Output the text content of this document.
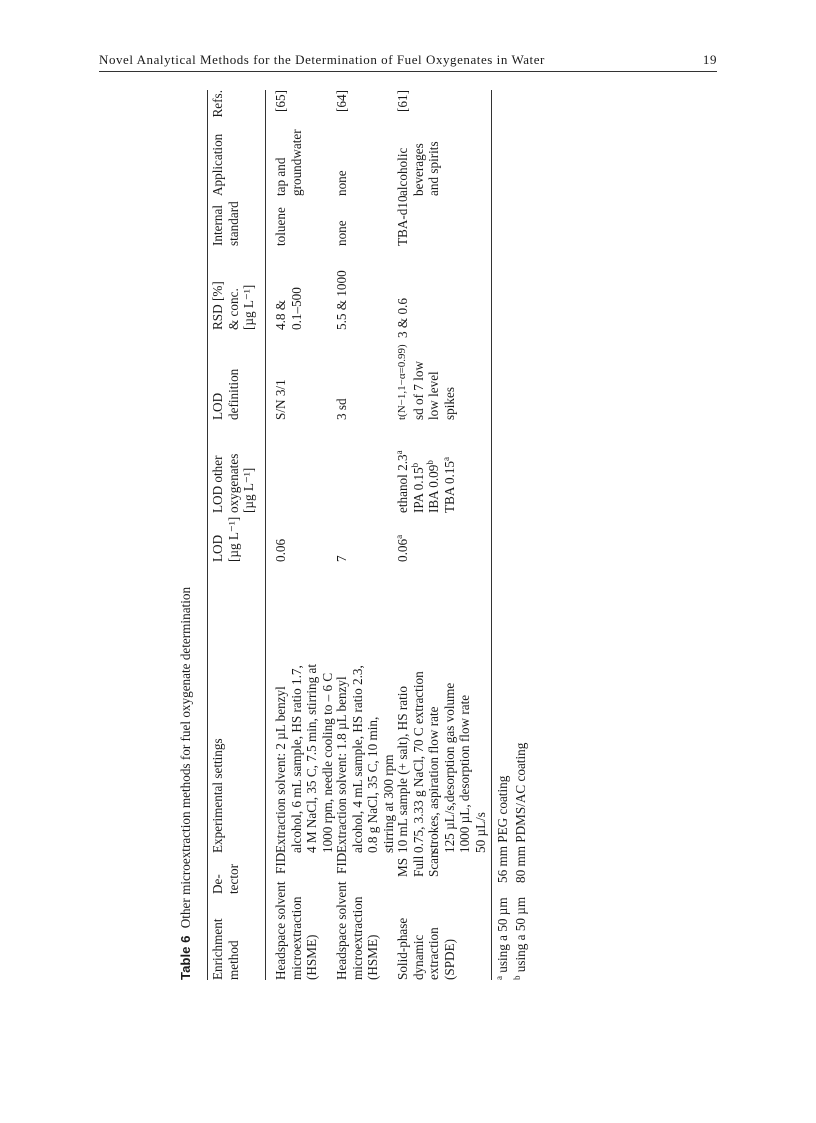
Novel Analytical Methods for the Determination of Fuel Oxygenates in Water	19
Table 6 Other microextraction methods for fuel oxygenate determination
Enrichment method
De- tector
Experimental settings
LOD [µg L⁻¹]
LOD other oxygenates [µg L⁻¹]
LOD definition
RSD [%] & conc. [µg L⁻¹]
Internal standard
Application
Refs.
Headspace solvent microextraction (HSME)
FID
Extraction solvent: 2 µL benzyl alcohol, 6 mL sample, HS ratio 1.7, 4 M NaCl, 35 C, 7.5 min, stirring at 1000 rpm, needle cooling to – 6 C
0.06
S/N 3/1
4.8 & 0.1–500
toluene
tap and groundwater
[65]
Headspace solvent microextraction (HSME)
FID
Extraction solvent: 1.8 µL benzyl alcohol, 4 mL sample, HS ratio 2.3, 0.8 g NaCl, 35 C, 10 min, stirring at 300 rpm
7
3 sd
5.5 & 1000
none
none
[64]
Solid-phase dynamic extraction (SPDE)
MS Full Scan
10 mL sample (+ salt), HS ratio 0.75, 3.33 g NaCl, 70 C extraction strokes, aspiration flow rate 125 µL/s,desorption gas volume 1000 µL, desorption flow rate 50 µL/s
0.06$^a$
ethanol 2.3$^a$
IPA 0.15$^b$ IBA 0.09$^b$ TBA 0.15$^a$
t(N−1,1−α=0.99) sd of 7 low low level spikes
3 & 0.6
TBA-d10
alcoholic beverages and spirits
[61]
$^a$ using a 50 µm
56 mm PEG coating
$^b$ using a 50 µm
80 mm PDMS/AC coating
